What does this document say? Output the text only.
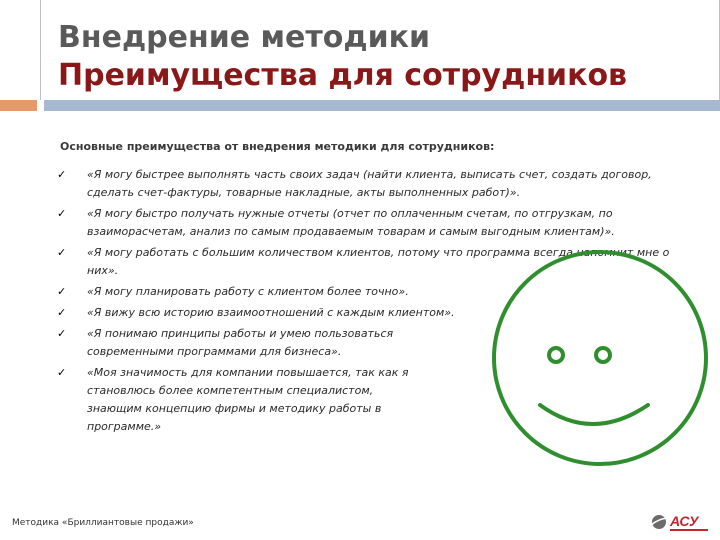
Внедрение методики
Преимущества для сотрудников
Основные преимущества от внедрения методики для сотрудников:
✓ «Я могу быстрее выполнять часть своих задач (найти клиента, выписать счет, создать договор, сделать счет-фактуры, товарные накладные, акты выполненных работ)».
✓ «Я могу быстро получать нужные отчеты (отчет по оплаченным счетам, по отгрузкам, по взаиморасчетам, анализ по самым продаваемым товарам и самым выгодным клиентам)».
✓ «Я могу работать с большим количеством клиентов, потому что программа всегда напомнит мне о них».
✓ «Я могу планировать работу с клиентом более точно».
✓ «Я вижу всю историю взаимоотношений с каждым клиентом».
✓ «Я понимаю принципы работы и умею пользоваться современными программами для бизнеса».
✓ «Моя значимость для компании повышается, так как я становлюсь более компетентным специалистом, знающим концепцию фирмы и методику работы в программе.»
Методика «Бриллиантовые продажи»	АСУ
